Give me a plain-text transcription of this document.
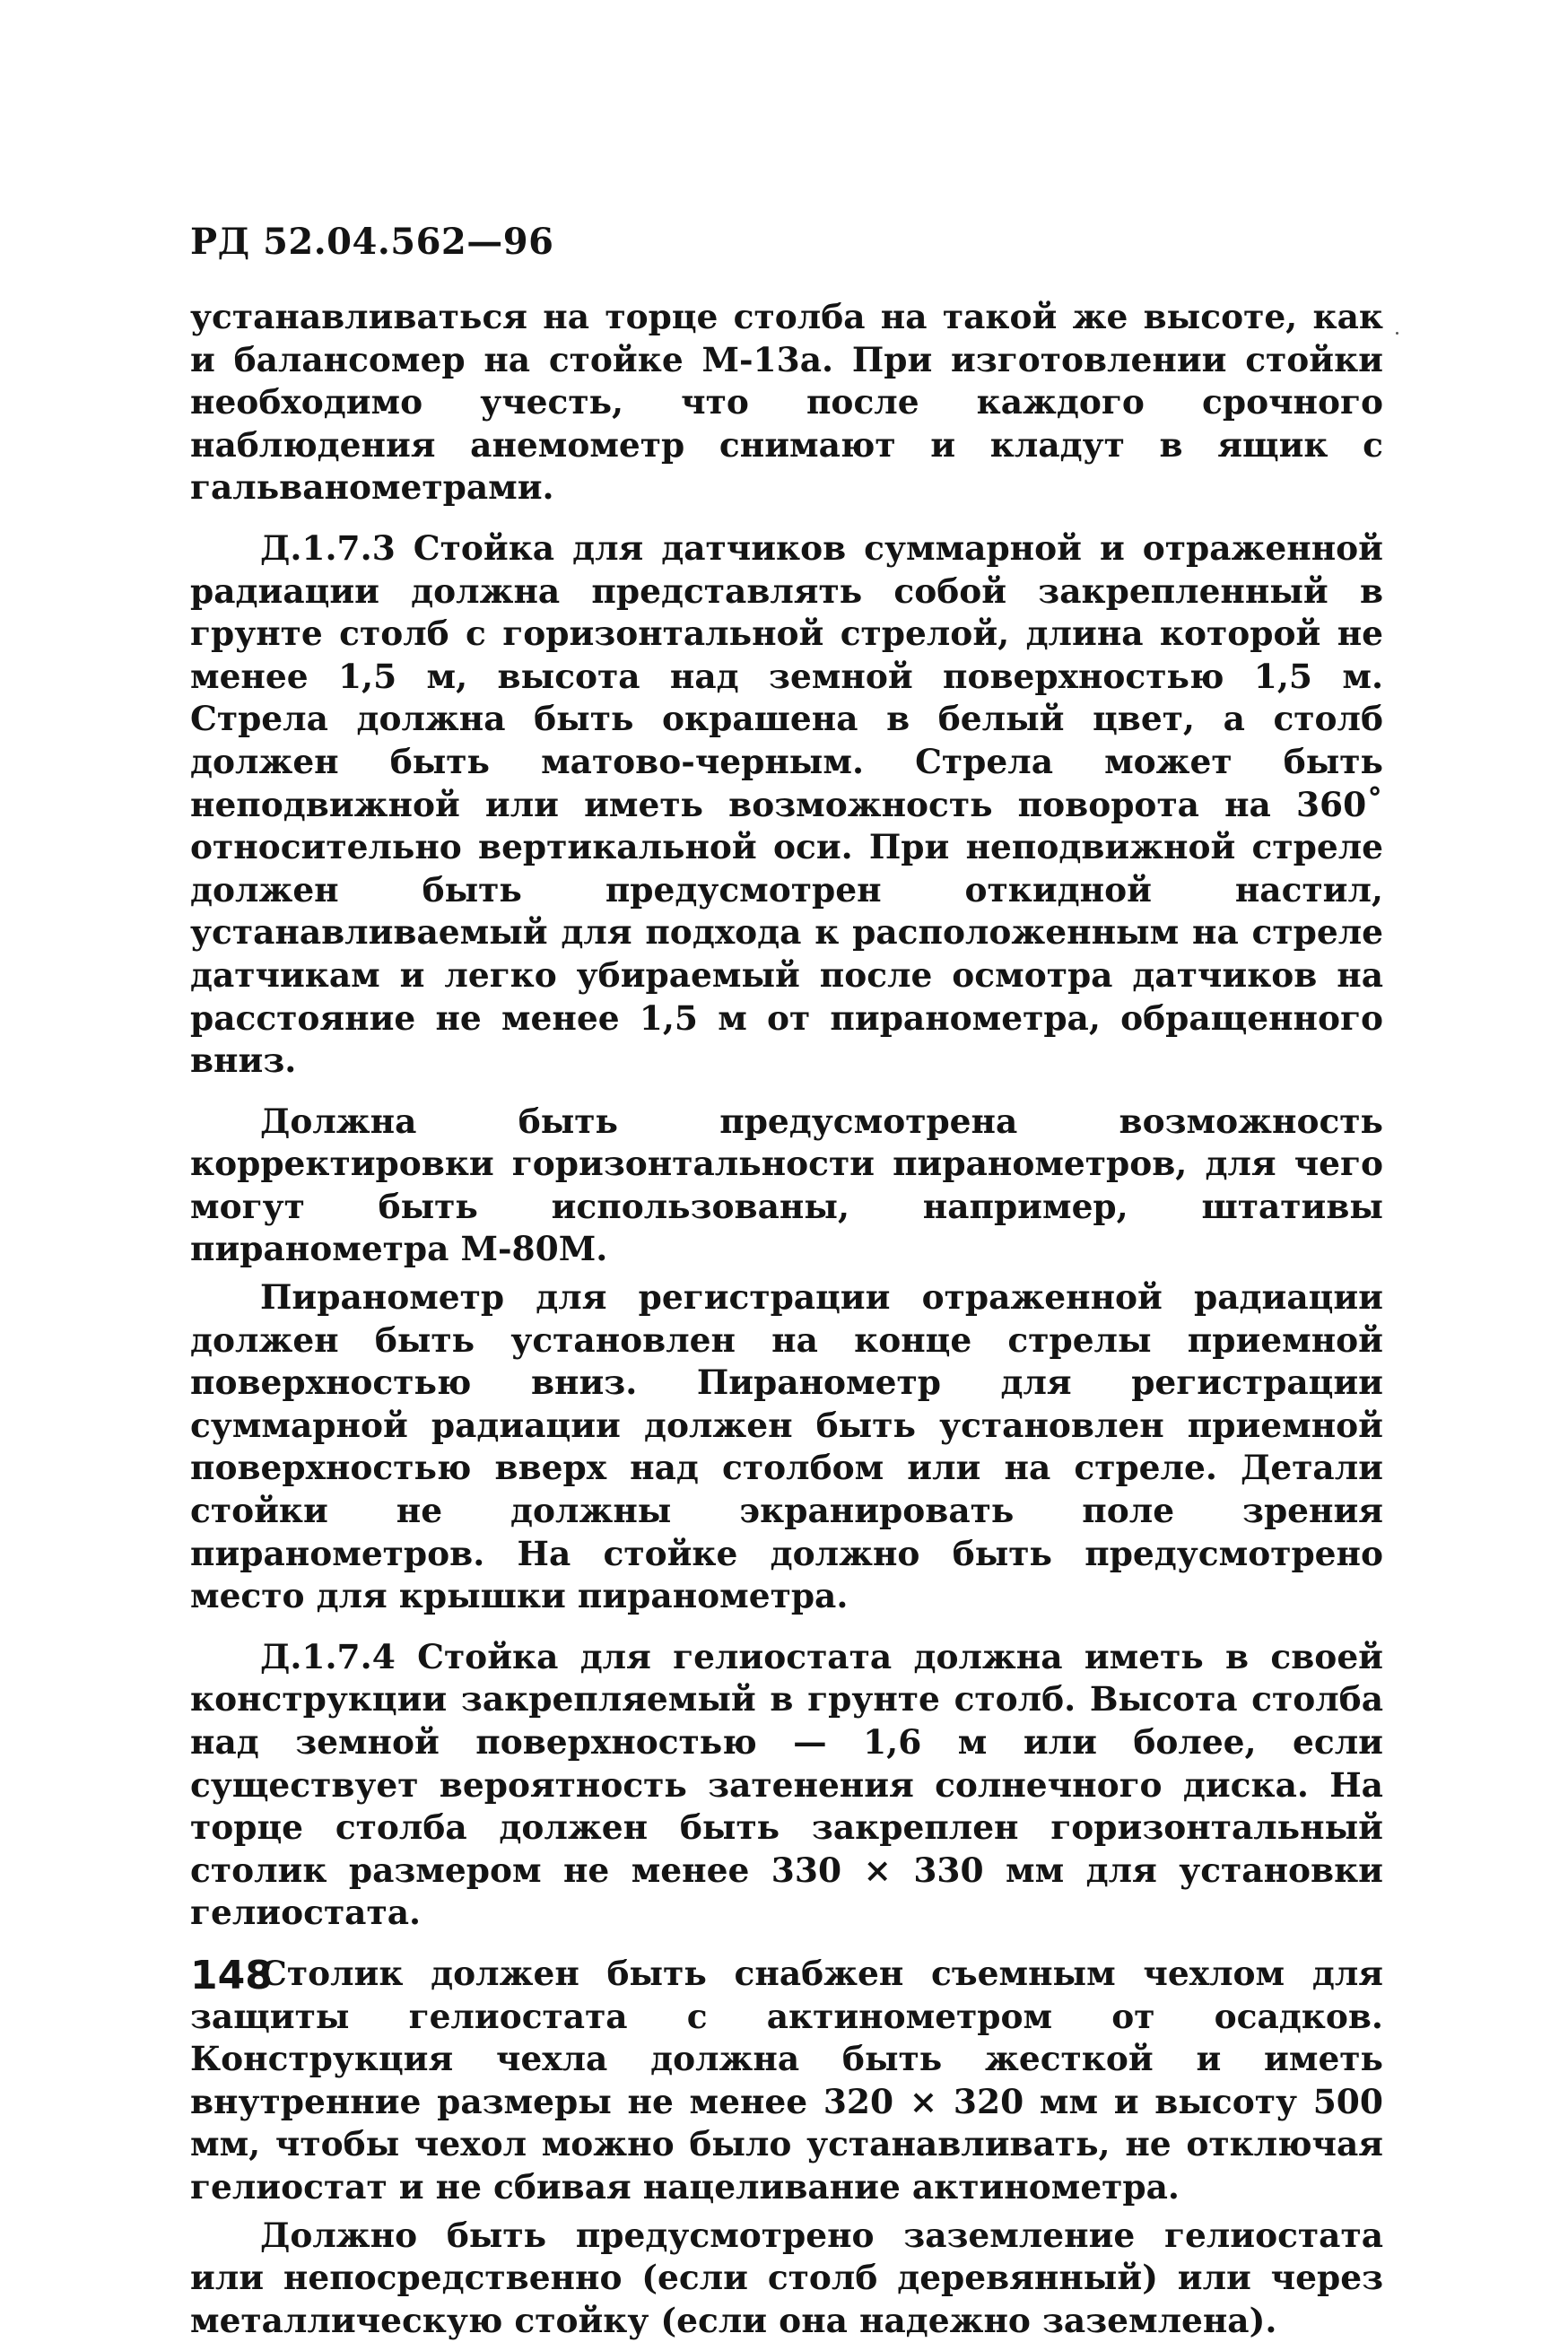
РД 52.04.562—96

устанавливаться на торце столба на такой же высоте, как и балансомер на стойке М-13а. При изготовлении стойки необходимо учесть, что после каждого срочного наблюдения анемометр снимают и кладут в ящик с гальванометрами.

Д.1.7.3 Стойка для датчиков суммарной и отраженной радиации должна представлять собой закрепленный в грунте столб с горизонтальной стрелой, длина которой не менее 1,5 м, высота над земной поверхностью 1,5 м. Стрела должна быть окрашена в белый цвет, а столб должен быть матово-черным. Стрела может быть неподвижной или иметь возможность поворота на 360˚ относительно вертикальной оси. При неподвижной стреле должен быть предусмотрен откидной настил, устанавливаемый для подхода к расположенным на стреле датчикам и легко убираемый после осмотра датчиков на расстояние не менее 1,5 м от пиранометра, обращенного вниз.

Должна быть предусмотрена возможность корректировки горизонтальности пиранометров, для чего могут быть использованы, например, штативы пиранометра М-80М.

Пиранометр для регистрации отраженной радиации должен быть установлен на конце стрелы приемной поверхностью вниз. Пиранометр для регистрации суммарной радиации должен быть установлен приемной поверхностью вверх над столбом или на стреле. Детали стойки не должны экранировать поле зрения пиранометров. На стойке должно быть предусмотрено место для крышки пиранометра.

Д.1.7.4 Стойка для гелиостата должна иметь в своей конструкции закрепляемый в грунте столб. Высота столба над земной поверхностью — 1,6 м или более, если существует вероятность затенения солнечного диска. На торце столба должен быть закреплен горизонтальный столик размером не менее 330 × 330 мм для установки гелиостата.

Столик должен быть снабжен съемным чехлом для защиты гелиостата с актинометром от осадков. Конструкция чехла должна быть жесткой и иметь внутренние размеры не менее 320 × 320 мм и высоту 500 мм, чтобы чехол можно было устанавливать, не отключая гелиостат и не сбивая нацеливание актинометра.

Должно быть предусмотрено заземление гелиостата или непосредственно (если столб деревянный) или через металлическую стойку (если она надежно заземлена).

148
